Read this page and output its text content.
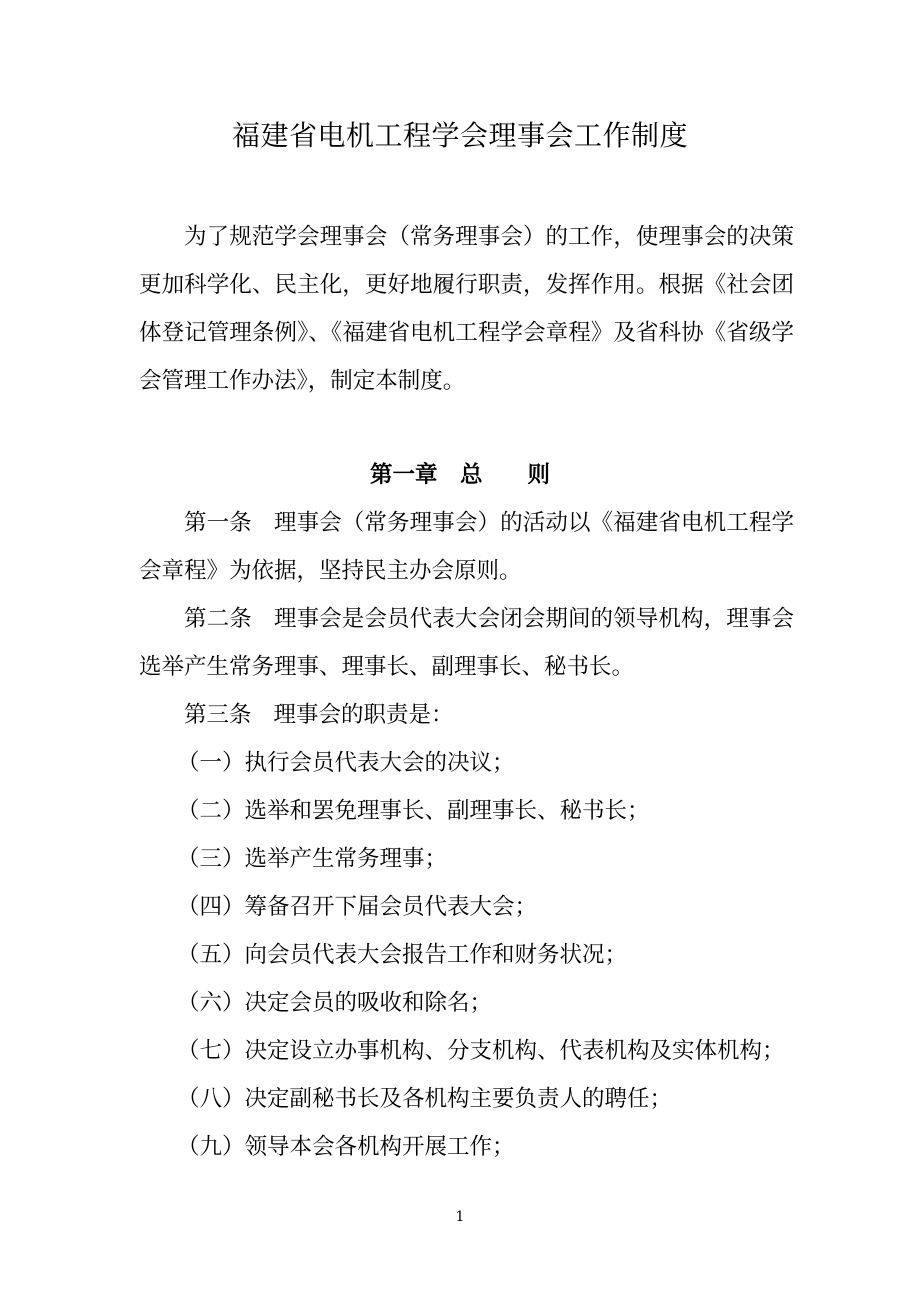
福建省电机工程学会理事会工作制度

为了规范学会理事会（常务理事会）的工作，使理事会的决策更加科学化、民主化，更好地履行职责，发挥作用。根据《社会团体登记管理条例》、《福建省电机工程学会章程》及省科协《省级学会管理工作办法》，制定本制度。

第一章　总　　则

第一条 理事会（常务理事会）的活动以《福建省电机工程学会章程》为依据，坚持民主办会原则。

第二条 理事会是会员代表大会闭会期间的领导机构，理事会选举产生常务理事、理事长、副理事长、秘书长。

第三条 理事会的职责是：

（一）执行会员代表大会的决议；

（二）选举和罢免理事长、副理事长、秘书长；

（三）选举产生常务理事；

（四）筹备召开下届会员代表大会；

（五）向会员代表大会报告工作和财务状况；

（六）决定会员的吸收和除名；

（七）决定设立办事机构、分支机构、代表机构及实体机构；

（八）决定副秘书长及各机构主要负责人的聘任；

（九）领导本会各机构开展工作；

1
